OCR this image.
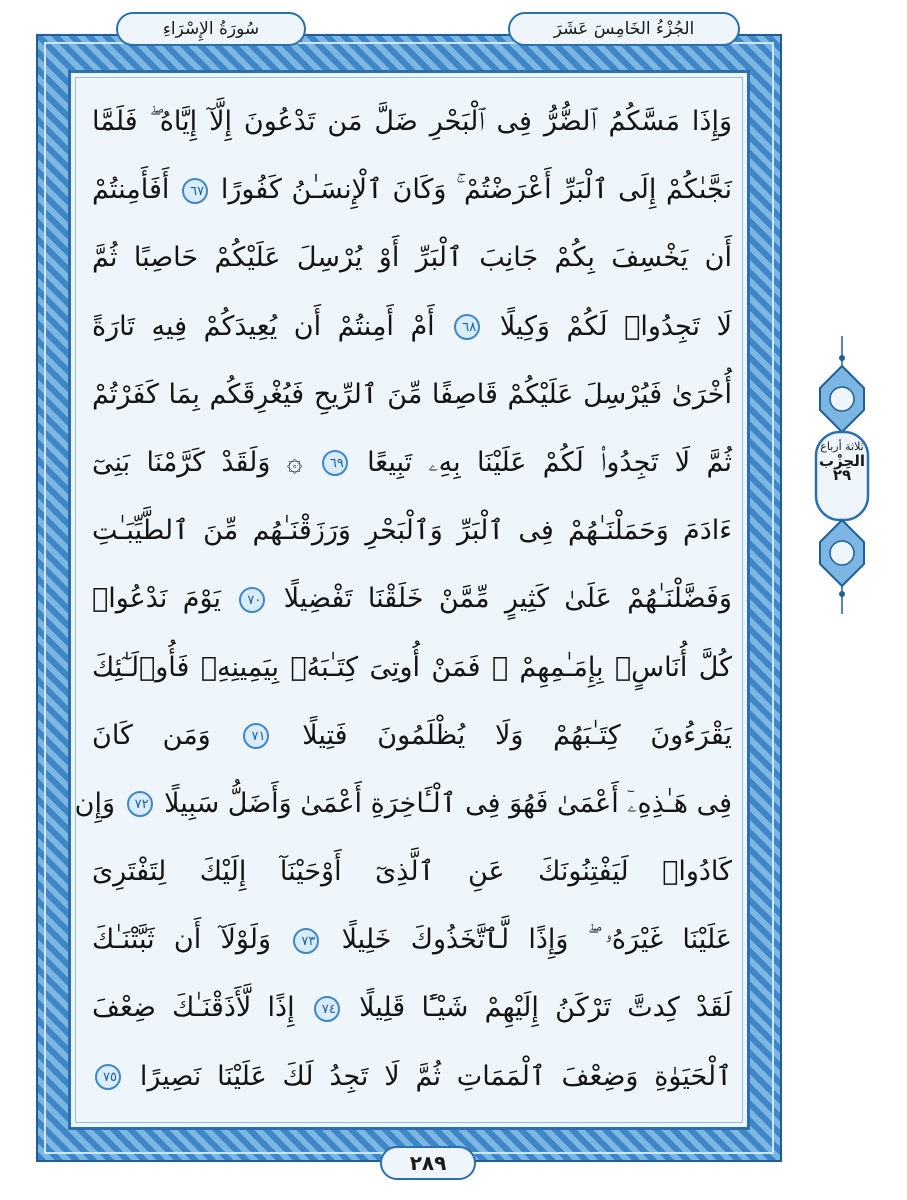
سُورَةُ الإِسْرَاءِ	الجُزْءُ الخَامِسَ عَشَرَ
وَإِذَا مَسَّكُمُ ٱلضُّرُّ فِى ٱلْبَحْرِ ضَلَّ مَن تَدْعُونَ إِلَّآ إِيَّاهُ ۖ فَلَمَّا
نَجَّىٰكُمْ إِلَى ٱلْبَرِّ أَعْرَضْتُمْ ۚ وَكَانَ ٱلْإِنسَـٰنُ كَفُورًا ٦٧ أَفَأَمِنتُمْ
أَن يَخْسِفَ بِكُمْ جَانِبَ ٱلْبَرِّ أَوْ يُرْسِلَ عَلَيْكُمْ حَاصِبًا ثُمَّ
لَا تَجِدُوا۟ لَكُمْ وَكِيلًا ٦٨ أَمْ أَمِنتُمْ أَن يُعِيدَكُمْ فِيهِ تَارَةً
أُخْرَىٰ فَيُرْسِلَ عَلَيْكُمْ قَاصِفًا مِّنَ ٱلرِّيحِ فَيُغْرِقَكُم بِمَا كَفَرْتُمْ
ثُمَّ لَا تَجِدُوا۟ لَكُمْ عَلَيْنَا بِهِۦ تَبِيعًا ٦٩ ۞ وَلَقَدْ كَرَّمْنَا بَنِىٓ
ءَادَمَ وَحَمَلْنَـٰهُمْ فِى ٱلْبَرِّ وَٱلْبَحْرِ وَرَزَقْنَـٰهُم مِّنَ ٱلطَّيِّبَـٰتِ
وَفَضَّلْنَـٰهُمْ عَلَىٰ كَثِيرٍ مِّمَّنْ خَلَقْنَا تَفْضِيلًا ٧٠ يَوْمَ نَدْعُوا۟
كُلَّ أُنَاسٍۭ بِإِمَـٰمِهِمْ ۖ فَمَنْ أُوتِىَ كِتَـٰبَهُۥ بِيَمِينِهِۦ فَأُو۟لَـٰٓئِكَ
يَقْرَءُونَ كِتَـٰبَهُمْ وَلَا يُظْلَمُونَ فَتِيلًا ٧١ وَمَن كَانَ
فِى هَـٰذِهِۦٓ أَعْمَىٰ فَهُوَ فِى ٱلْـَٔاخِرَةِ أَعْمَىٰ وَأَضَلُّ سَبِيلًا ٧٢ وَإِن
كَادُوا۟ لَيَفْتِنُونَكَ عَنِ ٱلَّذِىٓ أَوْحَيْنَآ إِلَيْكَ لِتَفْتَرِىَ
عَلَيْنَا غَيْرَهُۥ ۖ وَإِذًا لَّٱتَّخَذُوكَ خَلِيلًا ٧٣ وَلَوْلَآ أَن ثَبَّتْنَـٰكَ
لَقَدْ كِدتَّ تَرْكَنُ إِلَيْهِمْ شَيْـًٔا قَلِيلًا ٧٤ إِذًا لَّأَذَقْنَـٰكَ ضِعْفَ
ٱلْحَيَوٰةِ وَضِعْفَ ٱلْمَمَاتِ ثُمَّ لَا تَجِدُ لَكَ عَلَيْنَا نَصِيرًا ٧٥
٢٨٩
ثلاثة أرباع
الحِزْب
٢٩
